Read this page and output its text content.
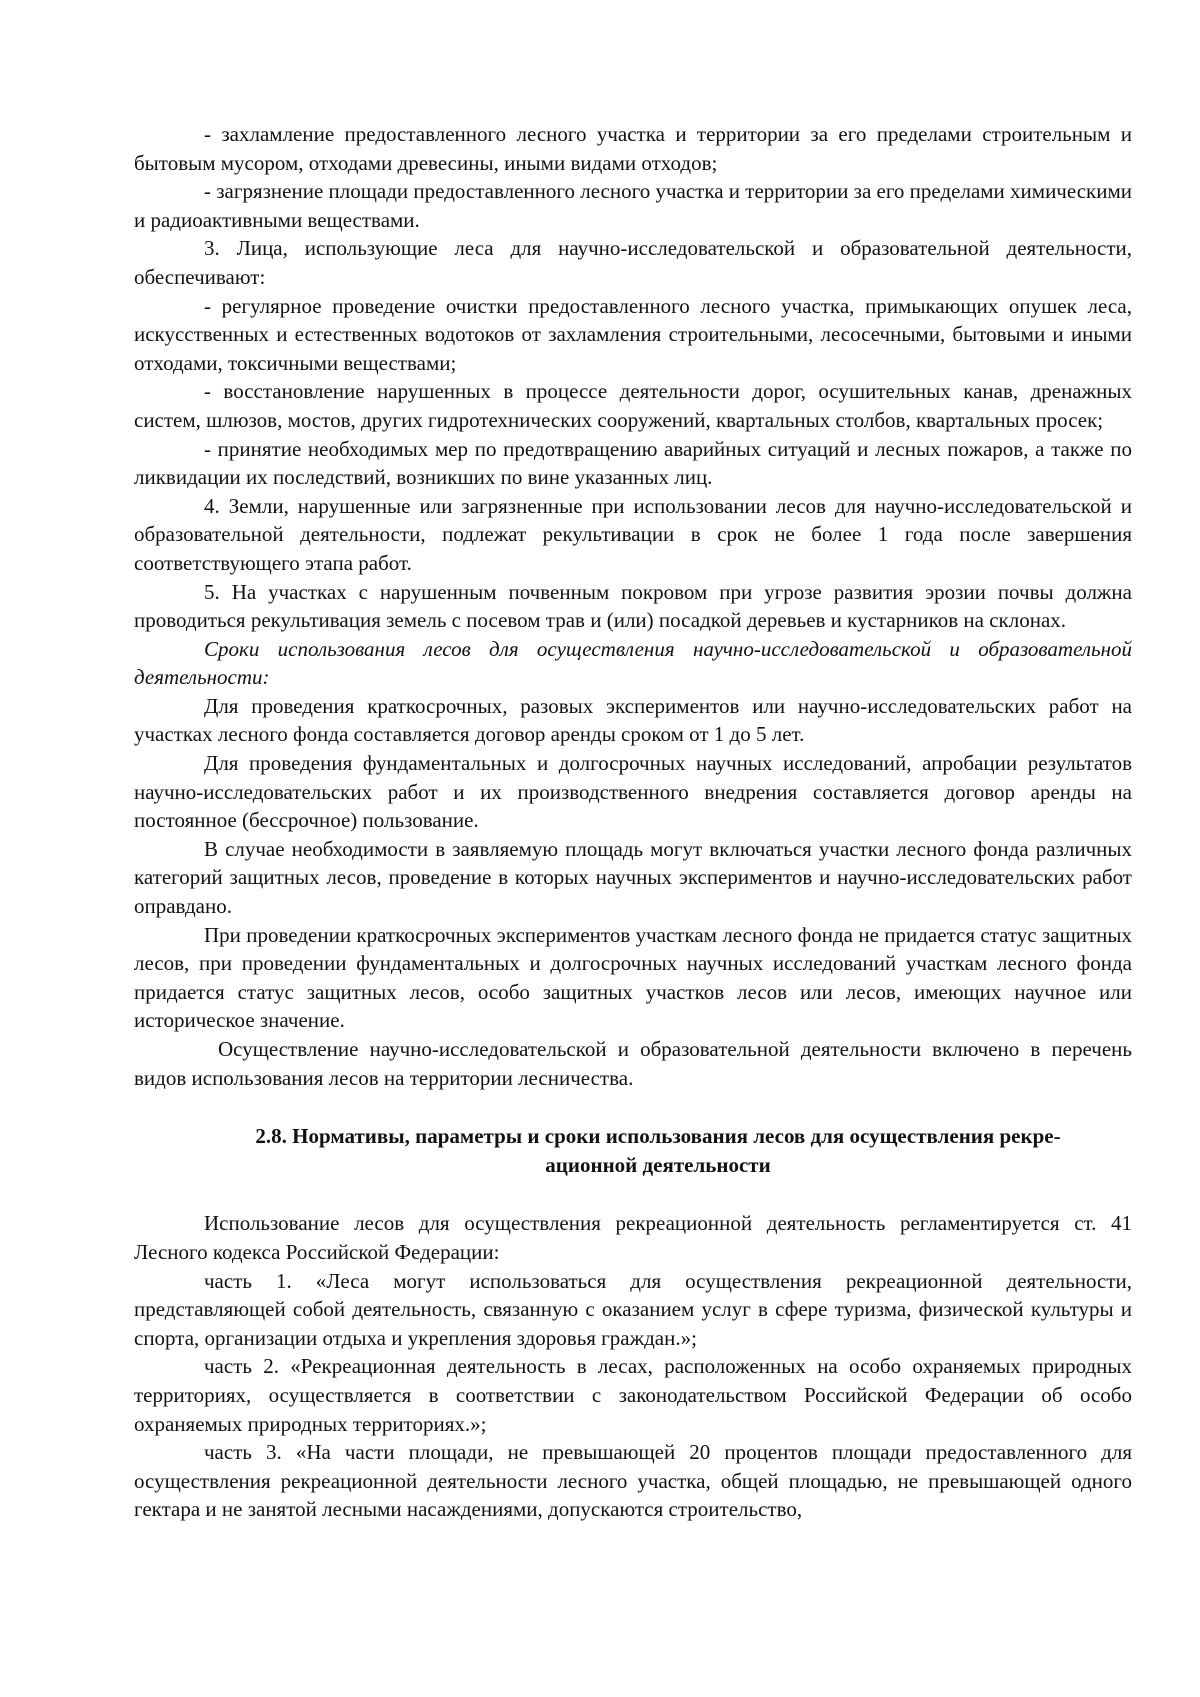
- захламление предоставленного лесного участка и территории за его пределами строительным и бытовым мусором, отходами древесины, иными видами отходов;

- загрязнение площади предоставленного лесного участка и территории за его пределами химическими и радиоактивными веществами.

3. Лица, использующие леса для научно-исследовательской и образовательной деятельности, обеспечивают:

- регулярное проведение очистки предоставленного лесного участка, примыкающих опушек леса, искусственных и естественных водотоков от захламления строительными, лесосечными, бытовыми и иными отходами, токсичными веществами;

- восстановление нарушенных в процессе деятельности дорог, осушительных канав, дренажных систем, шлюзов, мостов, других гидротехнических сооружений, квартальных столбов, квартальных просек;

- принятие необходимых мер по предотвращению аварийных ситуаций и лесных пожаров, а также по ликвидации их последствий, возникших по вине указанных лиц.

4. Земли, нарушенные или загрязненные при использовании лесов для научно-исследовательской и образовательной деятельности, подлежат рекультивации в срок не более 1 года после завершения соответствующего этапа работ.

5. На участках с нарушенным почвенным покровом при угрозе развития эрозии почвы должна проводиться рекультивация земель с посевом трав и (или) посадкой деревьев и кустарников на склонах.

Сроки использования лесов для осуществления научно-исследовательской и образовательной деятельности:

Для проведения краткосрочных, разовых экспериментов или научно-исследовательских работ на участках лесного фонда составляется договор аренды сроком от 1 до 5 лет.

Для проведения фундаментальных и долгосрочных научных исследований, апробации результатов научно-исследовательских работ и их производственного внедрения составляется договор аренды на постоянное (бессрочное) пользование.

В случае необходимости в заявляемую площадь могут включаться участки лесного фонда различных категорий защитных лесов, проведение в которых научных экспериментов и научно-исследовательских работ оправдано.

При проведении краткосрочных экспериментов участкам лесного фонда не придается статус защитных лесов, при проведении фундаментальных и долгосрочных научных исследований участкам лесного фонда придается статус защитных лесов, особо защитных участков лесов или лесов, имеющих научное или историческое значение.

Осуществление научно-исследовательской и образовательной деятельности включено в перечень видов использования лесов на территории лесничества.

2.8. Нормативы, параметры и сроки использования лесов для осуществления рекре-
ационной деятельности

Использование лесов для осуществления рекреационной деятельность регламентируется ст. 41 Лесного кодекса Российской Федерации:

часть 1. «Леса могут использоваться для осуществления рекреационной деятельности, представляющей собой деятельность, связанную с оказанием услуг в сфере туризма, физической культуры и спорта, организации отдыха и укрепления здоровья граждан.»;

часть 2. «Рекреационная деятельность в лесах, расположенных на особо охраняемых природных территориях, осуществляется в соответствии с законодательством Российской Федерации об особо охраняемых природных территориях.»;

часть 3. «На части площади, не превышающей 20 процентов площади предоставленного для осуществления рекреационной деятельности лесного участка, общей площадью, не превышающей одного гектара и не занятой лесными насаждениями, допускаются строительство,
